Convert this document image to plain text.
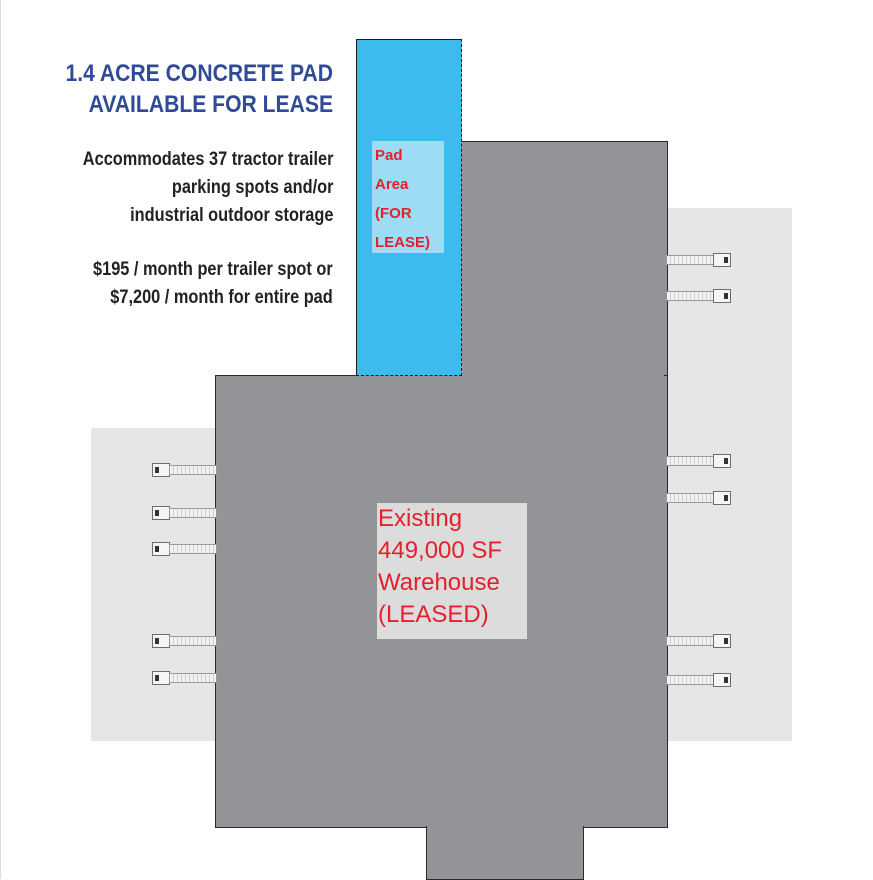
1.4 ACRE CONCRETE PAD
AVAILABLE FOR LEASE
Accommodates 37 tractor trailer
parking spots and/or
industrial outdoor storage
$195 / month per trailer spot or
$7,200 / month for entire pad
Pad
Area
(FOR
LEASE)
Existing
449,000 SF
Warehouse
(LEASED)
